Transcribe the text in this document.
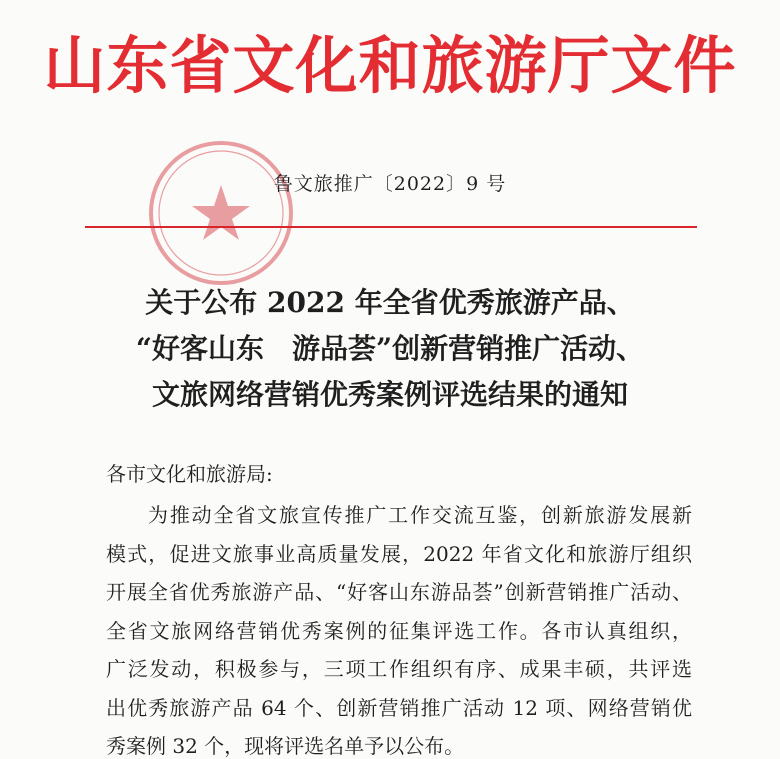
山东省文化和旅游厅文件
鲁文旅推广〔2022〕9 号
关于公布 2022 年全省优秀旅游产品、
“好客山东　游品荟”创新营销推广活动、
文旅网络营销优秀案例评选结果的通知
各市文化和旅游局:
为推动全省文旅宣传推广工作交流互鉴，创新旅游发展新
模式，促进文旅事业高质量发展，2022 年省文化和旅游厅组织
开展全省优秀旅游产品、“好客山东游品荟”创新营销推广活动、
全省文旅网络营销优秀案例的征集评选工作。各市认真组织，
广泛发动，积极参与，三项工作组织有序、成果丰硕，共评选
出优秀旅游产品 64 个、创新营销推广活动 12 项、网络营销优
秀案例 32 个，现将评选名单予以公布。
